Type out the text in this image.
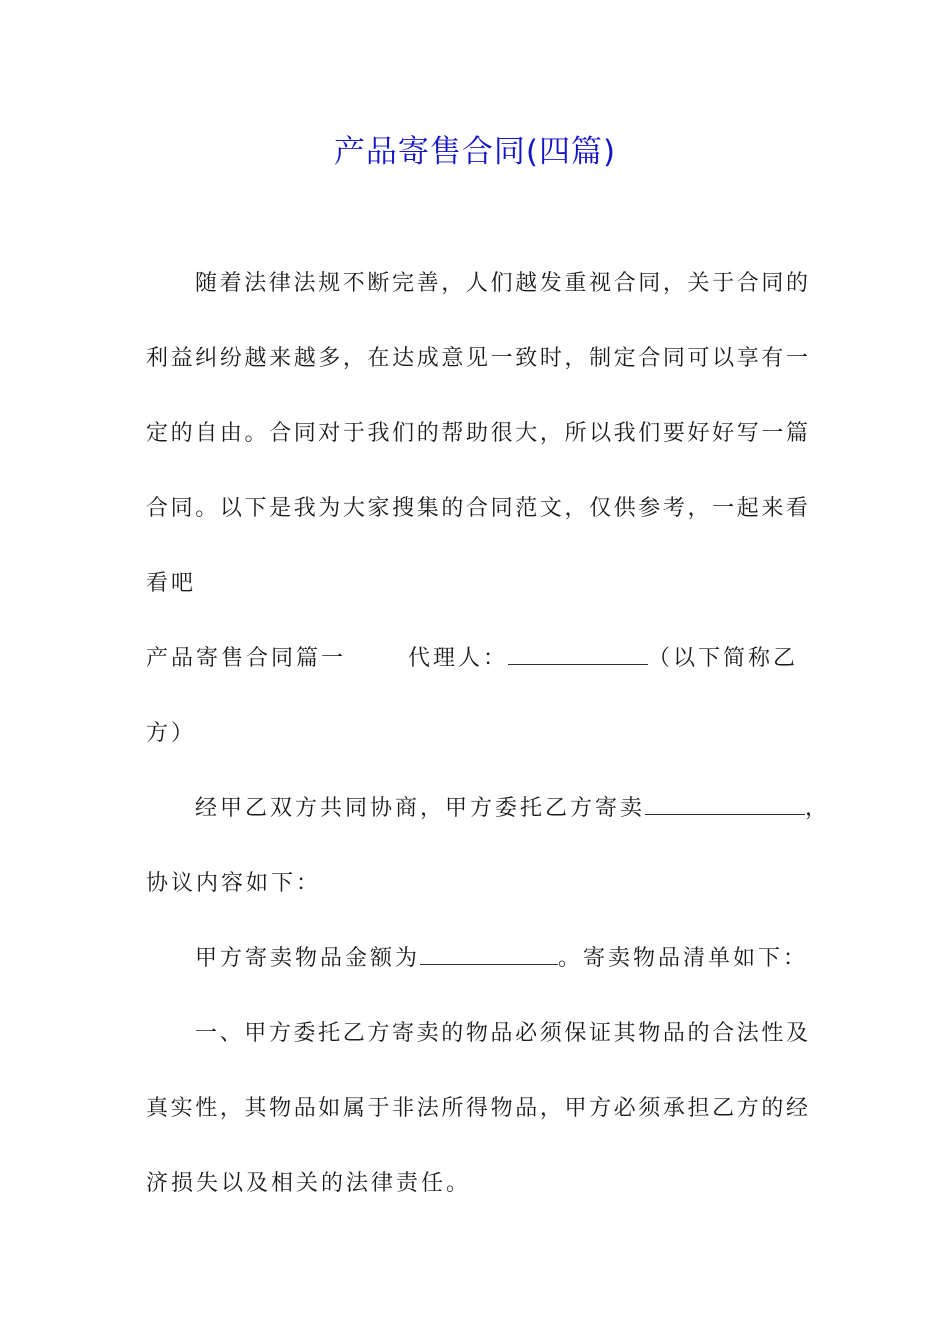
产品寄售合同(四篇)
随着法律法规不断完善，人们越发重视合同，关于合同的
利益纠纷越来越多，在达成意见一致时，制定合同可以享有一
定的自由。合同对于我们的帮助很大，所以我们要好好写一篇
合同。以下是我为大家搜集的合同范文，仅供参考，一起来看
看吧
产品寄售合同篇一	代理人：	（以下简称乙
方）
经甲乙双方共同协商，甲方委托乙方寄卖	，
协议内容如下：
甲方寄卖物品金额为	。寄卖物品清单如下：
一、甲方委托乙方寄卖的物品必须保证其物品的合法性及
真实性，其物品如属于非法所得物品，甲方必须承担乙方的经
济损失以及相关的法律责任。
